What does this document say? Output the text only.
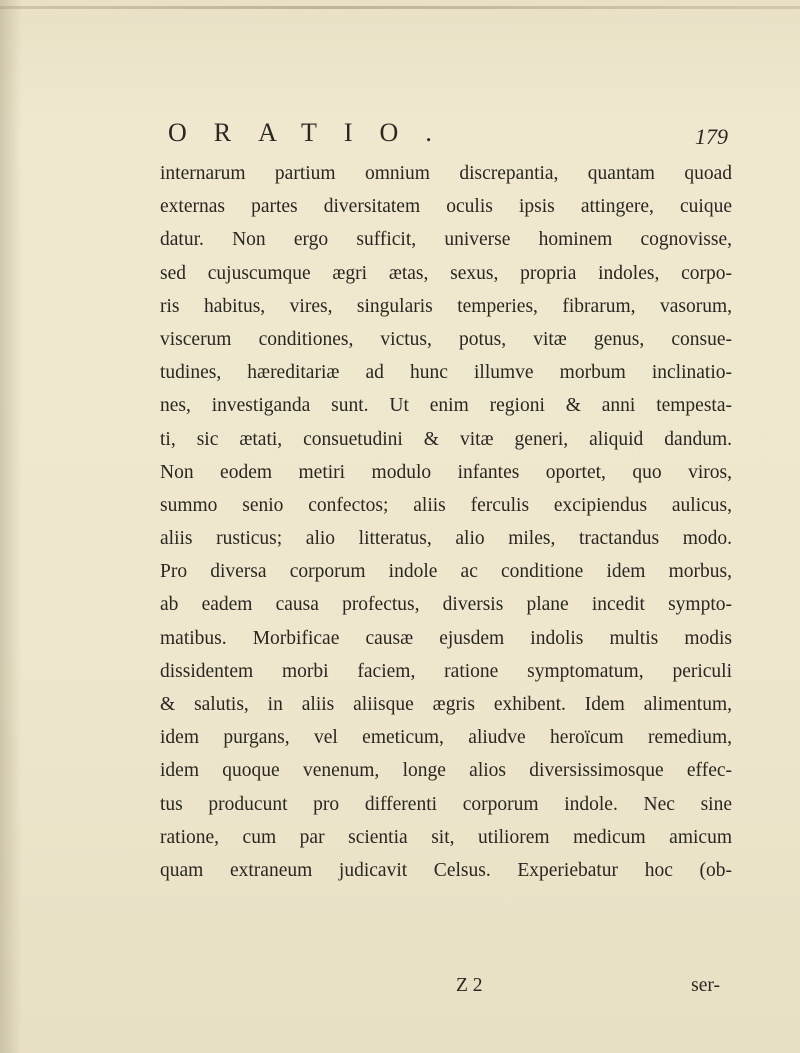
ORATIO.	179
internarum partium omnium discrepantia, quantam quoad
externas partes diversitatem oculis ipsis attingere, cuique
datur. Non ergo sufficit, universe hominem cognovisse,
sed cujuscumque ægri ætas, sexus, propria indoles, corpo-
ris habitus, vires, singularis temperies, fibrarum, vasorum,
viscerum conditiones, victus, potus, vitæ genus, consue-
tudines, hæreditariæ ad hunc illumve morbum inclinatio-
nes, investiganda sunt. Ut enim regioni & anni tempesta-
ti, sic ætati, consuetudini & vitæ generi, aliquid dandum.
Non eodem metiri modulo infantes oportet, quo viros,
summo senio confectos; aliis ferculis excipiendus aulicus,
aliis rusticus; alio litteratus, alio miles, tractandus modo.
Pro diversa corporum indole ac conditione idem morbus,
ab eadem causa profectus, diversis plane incedit sympto-
matibus. Morbificae causæ ejusdem indolis multis modis
dissidentem morbi faciem, ratione symptomatum, periculi
& salutis, in aliis aliisque ægris exhibent. Idem alimentum,
idem purgans, vel emeticum, aliudve heroïcum remedium,
idem quoque venenum, longe alios diversissimosque effec-
tus producunt pro differenti corporum indole. Nec sine
ratione, cum par scientia sit, utiliorem medicum amicum
quam extraneum judicavit Celsus. Experiebatur hoc (ob-
Z 2	ser-
